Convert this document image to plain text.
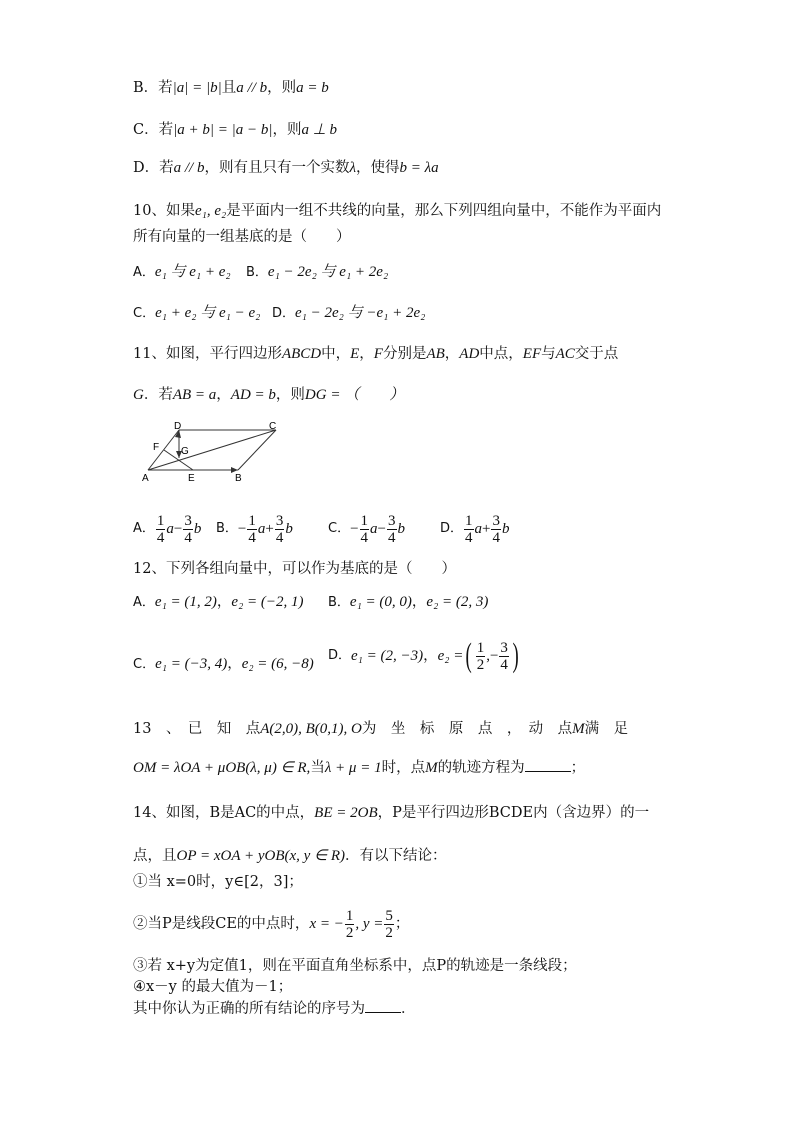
B．若|a| = |b|且a // b，则a = b
C．若|a + b| = |a − b|，则a ⊥ b
D．若a // b，则有且只有一个实数λ，使得b = λa
10、如果e₁, e₂是平面内一组不共线的向量，那么下列四组向量中，不能作为平面内
所有向量的一组基底的是（　　）
A．e₁ 与 e₁ + e₂ B．e₁ − 2e₂ 与 e₁ + 2e₂
C．e₁ + e₂ 与 e₁ − e₂ D．e₁ − 2e₂ 与 −e₁ + 2e₂
11、如图，平行四边形ABCD中，E，F分别是AB，AD中点，EF与AC交于点
G．若AB = a，AD = b，则DG = （　　）
D	C
F G
A	E	B
A． $\frac{1}{4} a- \frac{3}{4}$ b B．− $\frac{1}{4} a+ \frac{3}{4}$ b	C．− $\frac{1}{4} a- \frac{3}{4}$ b	D． $\frac{1}{4} a+ \frac{3}{4}$ b
12、下列各组向量中，可以作为基底的是（　　）
A．e₁ = (1, 2)，e₂ = (−2, 1) B．e₁ = (0, 0)，e₂ = (2, 3)
C．e₁ = (−3, 4)，e₂ = (6, −8)
D．e₁ = (2, −3)，e₂ =( $\frac{1}{2}$ ,− $\frac{3}{4}$ )
13　、　已　知　点A(2,0), B(0,1), O为　坐　标　原　点　，　动　点M满　足
OM = λOA + μOB(λ, μ) ∈ R,当λ + μ = 1时，点M的轨迹方程为	；
14、如图，B是AC的中点，BE = 2OB，P是平行四边形BCDE内（含边界）的一
点，且OP = xOA + yOB(x, y ∈ R)．有以下结论：
①当 x=0时，y∈[2，3]；
②当P是线段CE的中点时，x = − $\frac{1}{2}$ , $y = \frac{5}{2}$ ；
③若 x+y为定值1，则在平面直角坐标系中，点P的轨迹是一条线段；
④x－y 的最大值为－1；
其中你认为正确的所有结论的序号为 ．
